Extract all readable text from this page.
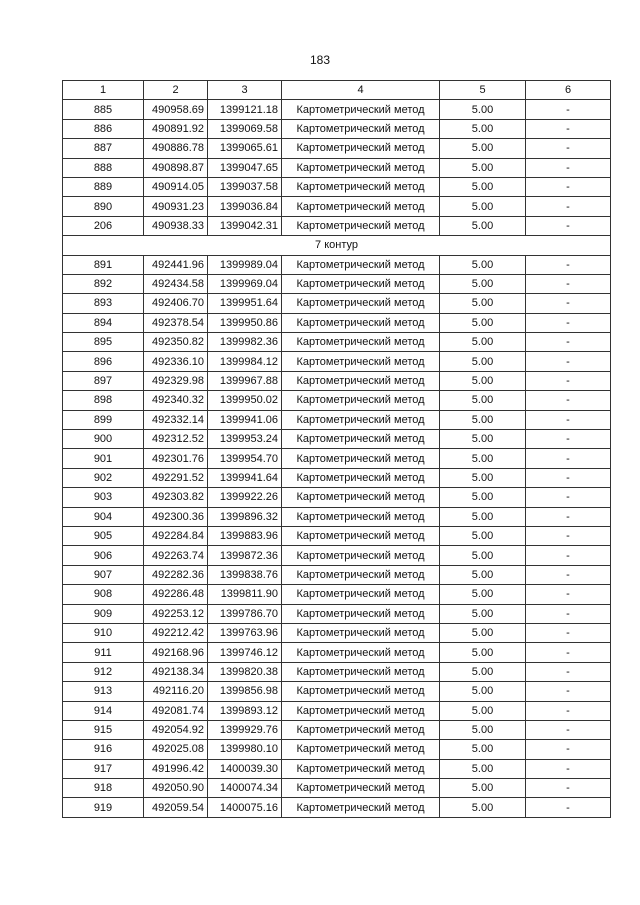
183
1	2	3	4	5	6
885	490958.69	1399121.18	Картометрический метод	5.00	-
886	490891.92	1399069.58	Картометрический метод	5.00	-
887	490886.78	1399065.61	Картометрический метод	5.00	-
888	490898.87	1399047.65	Картометрический метод	5.00	-
889	490914.05	1399037.58	Картометрический метод	5.00	-
890	490931.23	1399036.84	Картометрический метод	5.00	-
206	490938.33	1399042.31	Картометрический метод	5.00	-
7 контур					
891	492441.96	1399989.04	Картометрический метод	5.00	-
892	492434.58	1399969.04	Картометрический метод	5.00	-
893	492406.70	1399951.64	Картометрический метод	5.00	-
894	492378.54	1399950.86	Картометрический метод	5.00	-
895	492350.82	1399982.36	Картометрический метод	5.00	-
896	492336.10	1399984.12	Картометрический метод	5.00	-
897	492329.98	1399967.88	Картометрический метод	5.00	-
898	492340.32	1399950.02	Картометрический метод	5.00	-
899	492332.14	1399941.06	Картометрический метод	5.00	-
900	492312.52	1399953.24	Картометрический метод	5.00	-
901	492301.76	1399954.70	Картометрический метод	5.00	-
902	492291.52	1399941.64	Картометрический метод	5.00	-
903	492303.82	1399922.26	Картометрический метод	5.00	-
904	492300.36	1399896.32	Картометрический метод	5.00	-
905	492284.84	1399883.96	Картометрический метод	5.00	-
906	492263.74	1399872.36	Картометрический метод	5.00	-
907	492282.36	1399838.76	Картометрический метод	5.00	-
908	492286.48	1399811.90	Картометрический метод	5.00	-
909	492253.12	1399786.70	Картометрический метод	5.00	-
910	492212.42	1399763.96	Картометрический метод	5.00	-
911	492168.96	1399746.12	Картометрический метод	5.00	-
912	492138.34	1399820.38	Картометрический метод	5.00	-
913	492116.20	1399856.98	Картометрический метод	5.00	-
914	492081.74	1399893.12	Картометрический метод	5.00	-
915	492054.92	1399929.76	Картометрический метод	5.00	-
916	492025.08	1399980.10	Картометрический метод	5.00	-
917	491996.42	1400039.30	Картометрический метод	5.00	-
918	492050.90	1400074.34	Картометрический метод	5.00	-
919	492059.54	1400075.16	Картометрический метод	5.00	-
